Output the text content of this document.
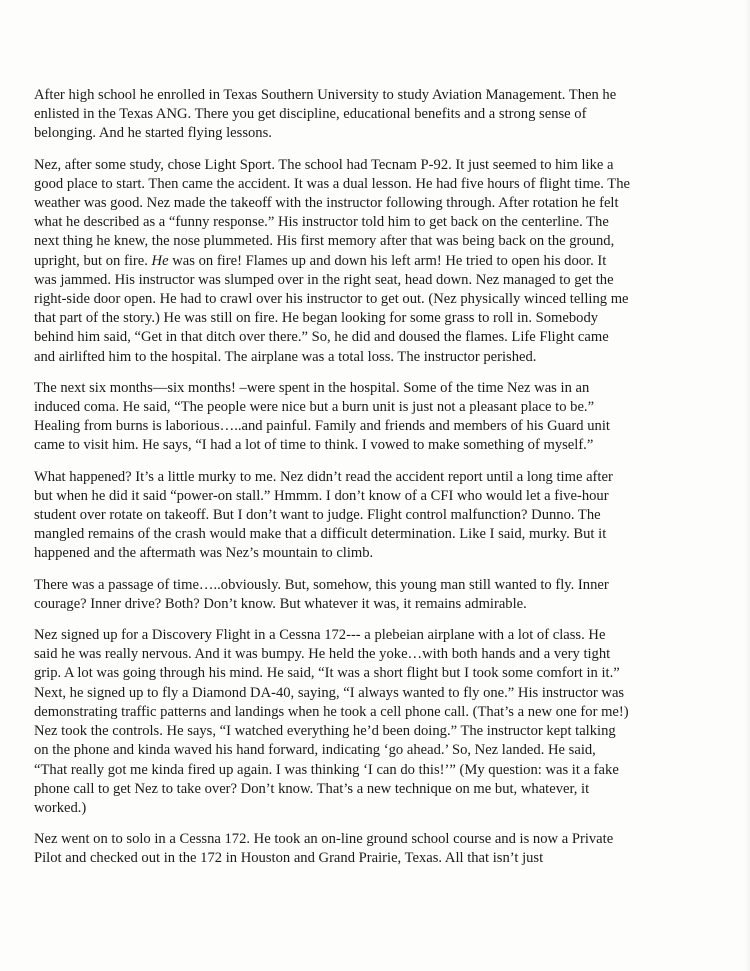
After high school he enrolled in Texas Southern University to study Aviation Management. Then he enlisted in the Texas ANG. There you get discipline, educational benefits and a strong sense of belonging. And he started flying lessons.

Nez, after some study, chose Light Sport. The school had Tecnam P-92. It just seemed to him like a good place to start. Then came the accident. It was a dual lesson. He had five hours of flight time. The weather was good. Nez made the takeoff with the instructor following through. After rotation he felt what he described as a “funny response.” His instructor told him to get back on the centerline. The next thing he knew, the nose plummeted. His first memory after that was being back on the ground, upright, but on fire. He was on fire! Flames up and down his left arm! He tried to open his door. It was jammed. His instructor was slumped over in the right seat, head down. Nez managed to get the right-side door open. He had to crawl over his instructor to get out. (Nez physically winced telling me that part of the story.) He was still on fire. He began looking for some grass to roll in. Somebody behind him said, “Get in that ditch over there.” So, he did and doused the flames. Life Flight came and airlifted him to the hospital. The airplane was a total loss. The instructor perished.

The next six months—six months! –were spent in the hospital. Some of the time Nez was in an induced coma. He said, “The people were nice but a burn unit is just not a pleasant place to be.” Healing from burns is laborious…..and painful. Family and friends and members of his Guard unit came to visit him. He says, “I had a lot of time to think. I vowed to make something of myself.”

What happened? It’s a little murky to me. Nez didn’t read the accident report until a long time after but when he did it said “power-on stall.” Hmmm. I don’t know of a CFI who would let a five-hour student over rotate on takeoff. But I don’t want to judge. Flight control malfunction? Dunno. The mangled remains of the crash would make that a difficult determination. Like I said, murky. But it happened and the aftermath was Nez’s mountain to climb.

There was a passage of time…..obviously. But, somehow, this young man still wanted to fly. Inner courage? Inner drive? Both? Don’t know. But whatever it was, it remains admirable.

Nez signed up for a Discovery Flight in a Cessna 172--- a plebeian airplane with a lot of class. He said he was really nervous. And it was bumpy. He held the yoke…with both hands and a very tight grip. A lot was going through his mind. He said, “It was a short flight but I took some comfort in it.” Next, he signed up to fly a Diamond DA-40, saying, “I always wanted to fly one.” His instructor was demonstrating traffic patterns and landings when he took a cell phone call. (That’s a new one for me!) Nez took the controls. He says, “I watched everything he’d been doing.” The instructor kept talking on the phone and kinda waved his hand forward, indicating ‘go ahead.’ So, Nez landed. He said, “That really got me kinda fired up again. I was thinking ‘I can do this!’” (My question: was it a fake phone call to get Nez to take over? Don’t know. That’s a new technique on me but, whatever, it worked.)

Nez went on to solo in a Cessna 172. He took an on-line ground school course and is now a Private Pilot and checked out in the 172 in Houston and Grand Prairie, Texas. All that isn’t just
